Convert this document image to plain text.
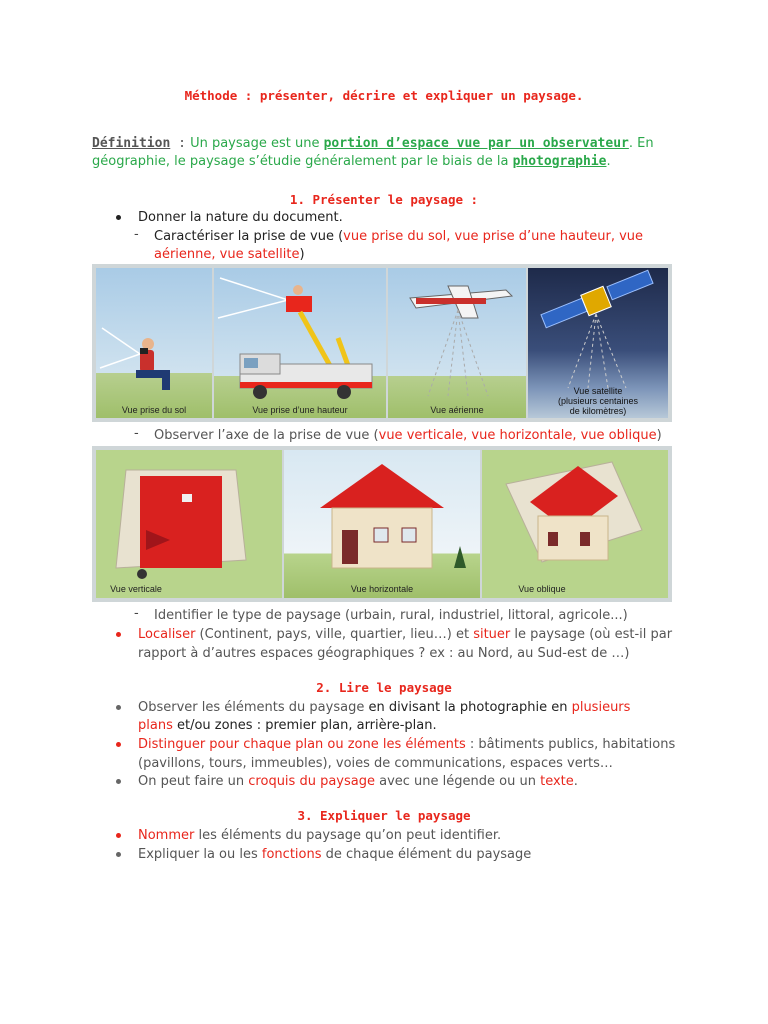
Méthode : présenter, décrire et expliquer un paysage.
Définition : Un paysage est une portion d’espace vue par un observateur. En
géographie, le paysage s’étudie généralement par le biais de la photographie.
1. Présenter le paysage :
Donner la nature du document.
- Caractériser la prise de vue (vue prise du sol, vue prise d’une hauteur, vue
aérienne, vue satellite)
Vue prise du sol	Vue prise d’une hauteur	Vue aérienne
Vue satellite
(plusieurs centaines
de kilomètres)
- Observer l’axe de la prise de vue (vue verticale, vue horizontale, vue oblique)
Vue verticale	Vue horizontale	Vue oblique
- Identifier le type de paysage (urbain, rural, industriel, littoral, agricole...)
Localiser (Continent, pays, ville, quartier, lieu…) et situer le paysage (où est-il par
rapport à d’autres espaces géographiques ? ex : au Nord, au Sud-est de …)
2. Lire le paysage
Observer les éléments du paysage en divisant la photographie en plusieurs
plans et/ou zones : premier plan, arrière-plan.
Distinguer pour chaque plan ou zone les éléments : bâtiments publics, habitations
(pavillons, tours, immeubles), voies de communications, espaces verts…
On peut faire un croquis du paysage avec une légende ou un texte.
3. Expliquer le paysage
Nommer les éléments du paysage qu’on peut identifier.
Expliquer la ou les fonctions de chaque élément du paysage
